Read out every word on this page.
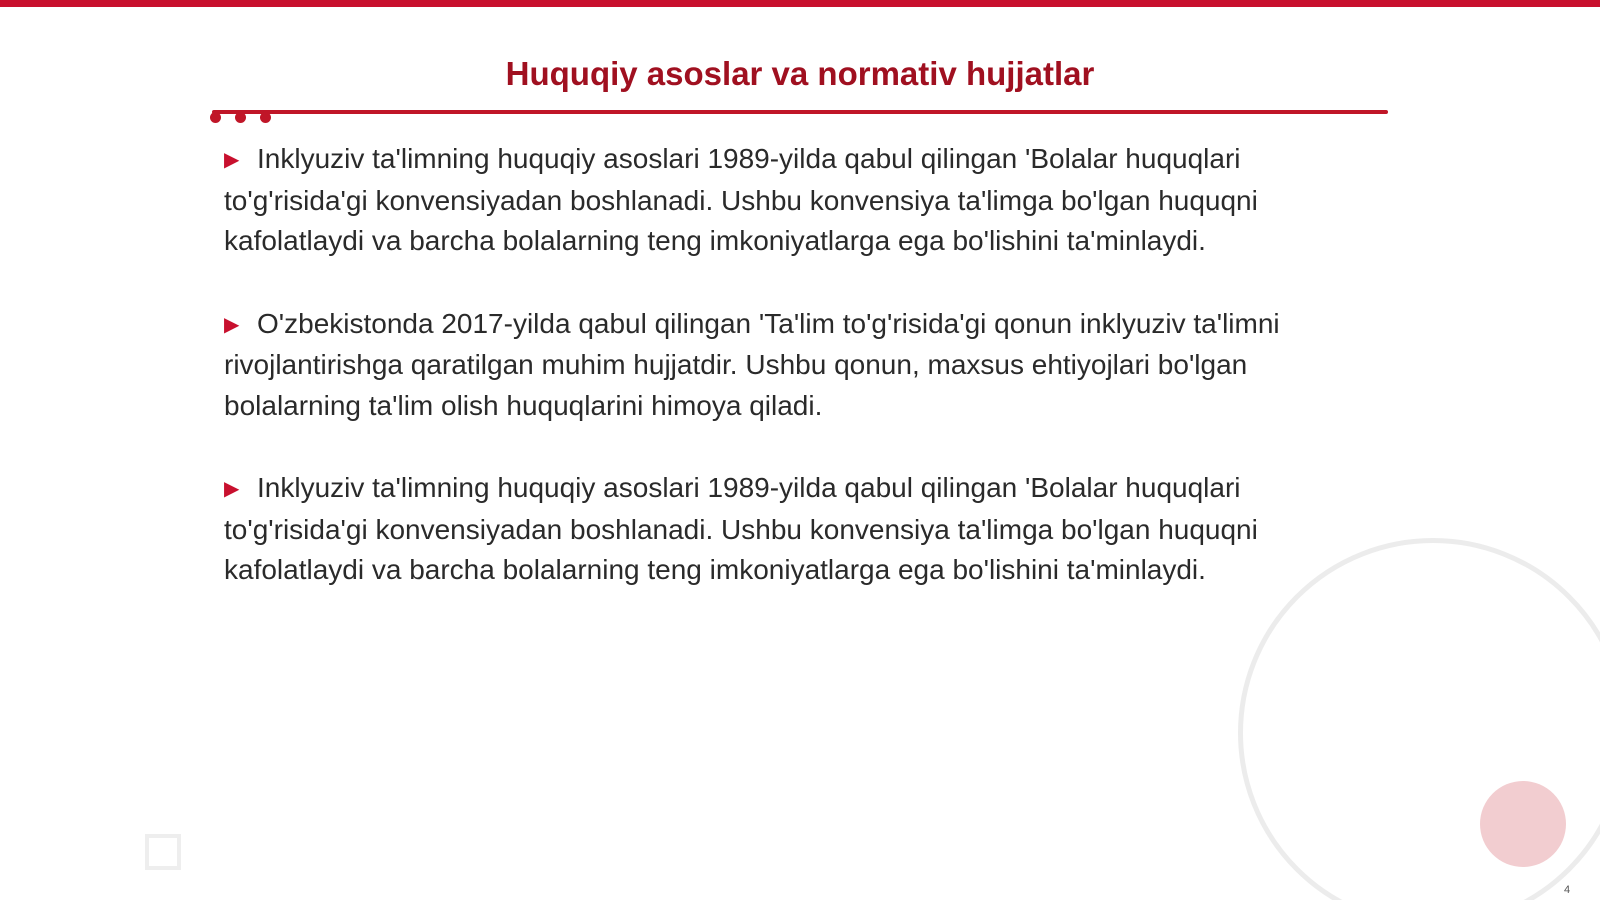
Huquqiy asoslar va normativ hujjatlar

▶ Inklyuziv ta'limning huquqiy asoslari 1989-yilda qabul qilingan 'Bolalar huquqlari to'g'risida'gi konvensiyadan boshlanadi. Ushbu konvensiya ta'limga bo'lgan huquqni kafolatlaydi va barcha bolalarning teng imkoniyatlarga ega bo'lishini ta'minlaydi.

▶ O'zbekistonda 2017-yilda qabul qilingan 'Ta'lim to'g'risida'gi qonun inklyuziv ta'limni rivojlantirishga qaratilgan muhim hujjatdir. Ushbu qonun, maxsus ehtiyojlari bo'lgan bolalarning ta'lim olish huquqlarini himoya qiladi.

▶ Inklyuziv ta'limning huquqiy asoslari 1989-yilda qabul qilingan 'Bolalar huquqlari to'g'risida'gi konvensiyadan boshlanadi. Ushbu konvensiya ta'limga bo'lgan huquqni kafolatlaydi va barcha bolalarning teng imkoniyatlarga ega bo'lishini ta'minlaydi.

4
